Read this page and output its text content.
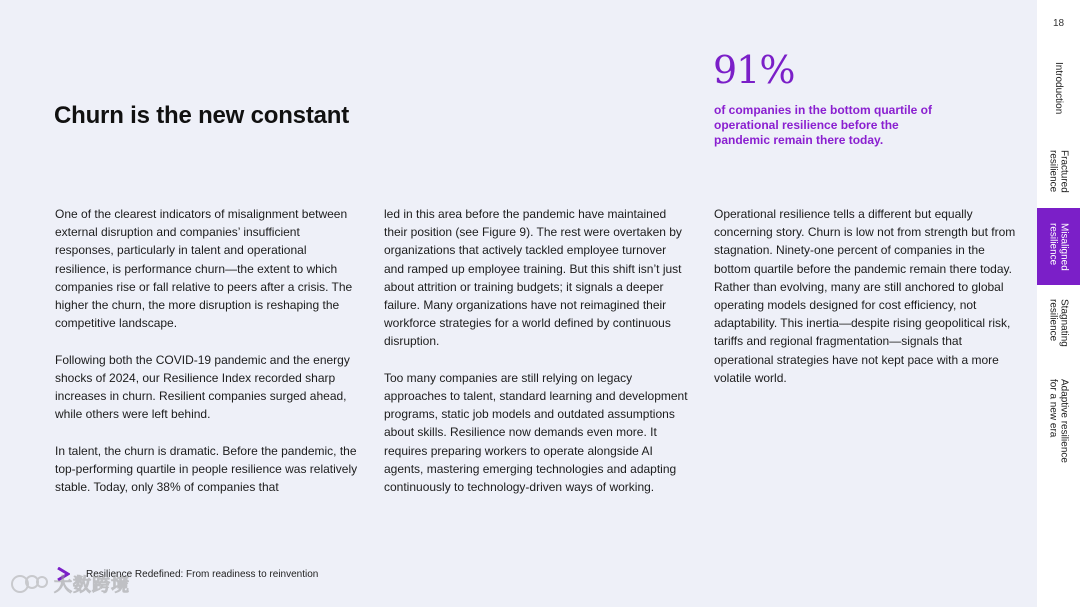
Churn is the new constant
91%
of companies in the bottom quartile of operational resilience before the pandemic remain there today.

One of the clearest indicators of misalignment between external disruption and companies’ insufficient responses, particularly in talent and operational resilience, is performance churn—the extent to which companies rise or fall relative to peers after a crisis. The higher the churn, the more disruption is reshaping the competitive landscape.

Following both the COVID-19 pandemic and the energy shocks of 2024, our Resilience Index recorded sharp increases in churn. Resilient companies surged ahead, while others were left behind.

In talent, the churn is dramatic. Before the pandemic, the top-performing quartile in people resilience was relatively stable. Today, only 38% of companies that

led in this area before the pandemic have maintained their position (see Figure 9). The rest were overtaken by organizations that actively tackled employee turnover and ramped up employee training. But this shift isn’t just about attrition or training budgets; it signals a deeper failure. Many organizations have not reimagined their workforce strategies for a world defined by continuous disruption.

Too many companies are still relying on legacy approaches to talent, standard learning and development programs, static job models and outdated assumptions about skills. Resilience now demands even more. It requires preparing workers to operate alongside AI agents, mastering emerging technologies and adapting continuously to technology-driven ways of working.

Operational resilience tells a different but equally concerning story. Churn is low not from strength but from stagnation. Ninety-one percent of companies in the bottom quartile before the pandemic remain there today. Rather than evolving, many are still anchored to global operating models designed for cost efficiency, not adaptability. This inertia—despite rising geopolitical risk, tariffs and regional fragmentation—signals that operational strategies have not kept pace with a more volatile world.

Resilience Redefined: From readiness to reinvention
大数跨境
18
Introduction
Fractured
resilience
Misaligned
resilience
Stagnating
resilience
Adaptive resilience
for a new era
